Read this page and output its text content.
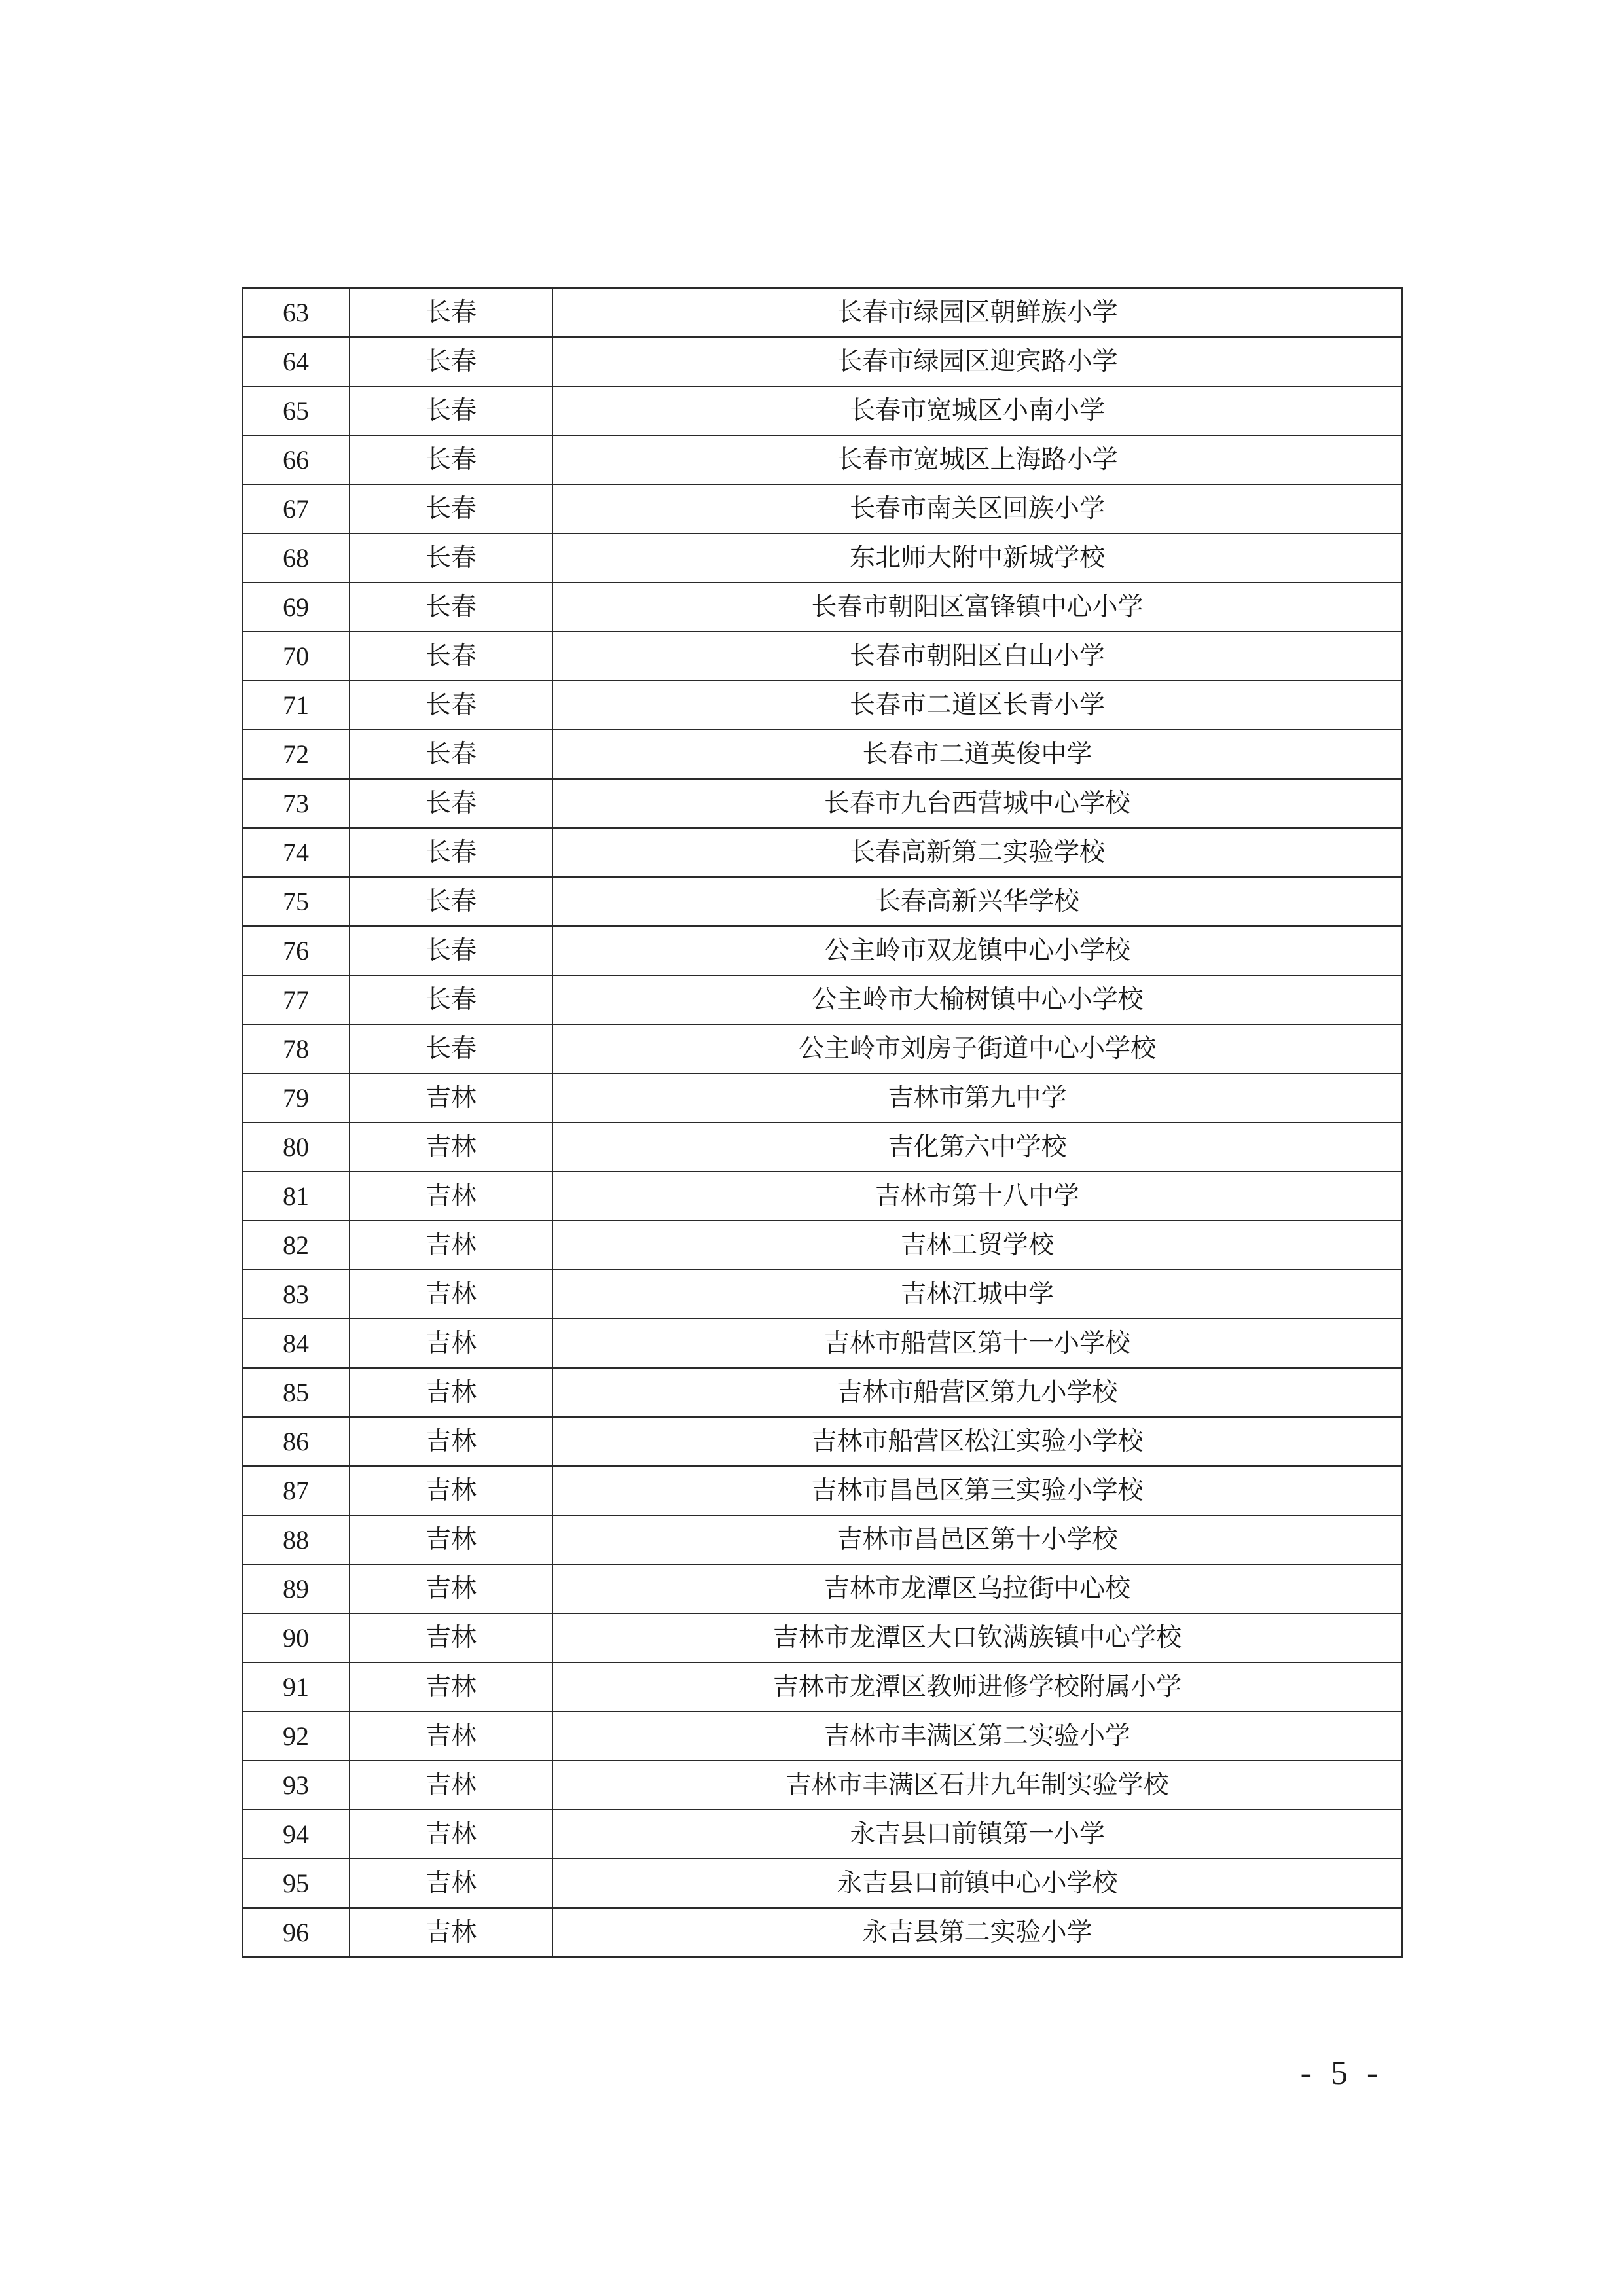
63	长春	长春市绿园区朝鲜族小学
64	长春	长春市绿园区迎宾路小学
65	长春	长春市宽城区小南小学
66	长春	长春市宽城区上海路小学
67	长春	长春市南关区回族小学
68	长春	东北师大附中新城学校
69	长春	长春市朝阳区富锋镇中心小学
70	长春	长春市朝阳区白山小学
71	长春	长春市二道区长青小学
72	长春	长春市二道英俊中学
73	长春	长春市九台西营城中心学校
74	长春	长春高新第二实验学校
75	长春	长春高新兴华学校
76	长春	公主岭市双龙镇中心小学校
77	长春	公主岭市大榆树镇中心小学校
78	长春	公主岭市刘房子街道中心小学校
79	吉林	吉林市第九中学
80	吉林	吉化第六中学校
81	吉林	吉林市第十八中学
82	吉林	吉林工贸学校
83	吉林	吉林江城中学
84	吉林	吉林市船营区第十一小学校
85	吉林	吉林市船营区第九小学校
86	吉林	吉林市船营区松江实验小学校
87	吉林	吉林市昌邑区第三实验小学校
88	吉林	吉林市昌邑区第十小学校
89	吉林	吉林市龙潭区乌拉街中心校
90	吉林	吉林市龙潭区大口钦满族镇中心学校
91	吉林	吉林市龙潭区教师进修学校附属小学
92	吉林	吉林市丰满区第二实验小学
93	吉林	吉林市丰满区石井九年制实验学校
94	吉林	永吉县口前镇第一小学
95	吉林	永吉县口前镇中心小学校
96	吉林	永吉县第二实验小学
- 5 -
